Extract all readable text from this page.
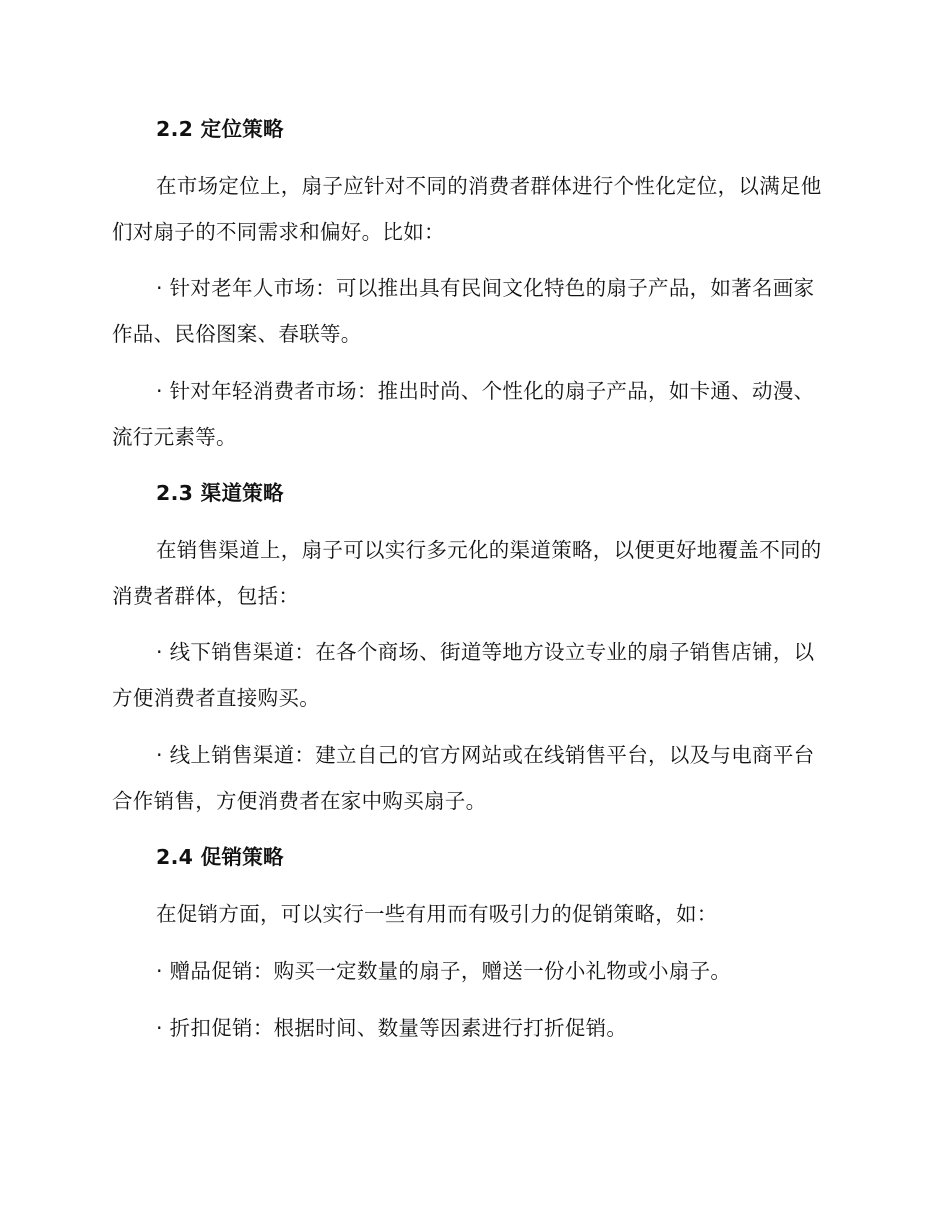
2.2 定位策略

在市场定位上，扇子应针对不同的消费者群体进行个性化定位，以满足他们对扇子的不同需求和偏好。比如：

· 针对老年人市场：可以推出具有民间文化特色的扇子产品，如著名画家作品、民俗图案、春联等。

· 针对年轻消费者市场：推出时尚、个性化的扇子产品，如卡通、动漫、流行元素等。

2.3 渠道策略

在销售渠道上，扇子可以实行多元化的渠道策略，以便更好地覆盖不同的消费者群体，包括：

· 线下销售渠道：在各个商场、街道等地方设立专业的扇子销售店铺，以方便消费者直接购买。

· 线上销售渠道：建立自己的官方网站或在线销售平台，以及与电商平台合作销售，方便消费者在家中购买扇子。

2.4 促销策略

在促销方面，可以实行一些有用而有吸引力的促销策略，如：

· 赠品促销：购买一定数量的扇子，赠送一份小礼物或小扇子。

· 折扣促销：根据时间、数量等因素进行打折促销。
